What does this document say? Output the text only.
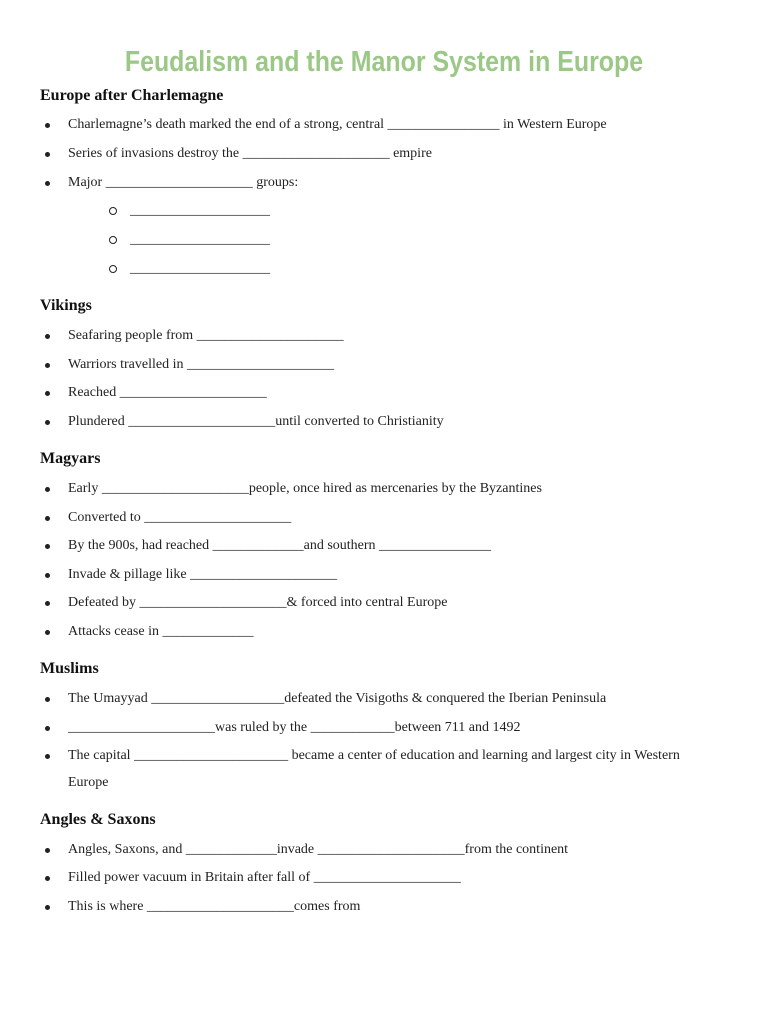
Feudalism and the Manor System in Europe
Europe after Charlemagne
Charlemagne’s death marked the end of a strong, central ________________ in Western Europe
Series of invasions destroy the _____________________ empire
Major _____________________ groups:
____________________
____________________
____________________
Vikings
Seafaring people from _____________________
Warriors travelled in _____________________
Reached _____________________
Plundered _____________________until converted to Christianity
Magyars
Early _____________________people, once hired as mercenaries by the Byzantines
Converted to _____________________
By the 900s, had reached _____________and southern ________________
Invade & pillage like _____________________
Defeated by _____________________& forced into central Europe
Attacks cease in _____________
Muslims
The Umayyad ___________________defeated the Visigoths & conquered the Iberian Peninsula
_____________________was ruled by the ____________between 711 and 1492
The capital ______________________ became a center of education and learning and largest city in Western Europe
Angles & Saxons
Angles, Saxons, and _____________invade _____________________from the continent
Filled power vacuum in Britain after fall of _____________________
This is where _____________________comes from
